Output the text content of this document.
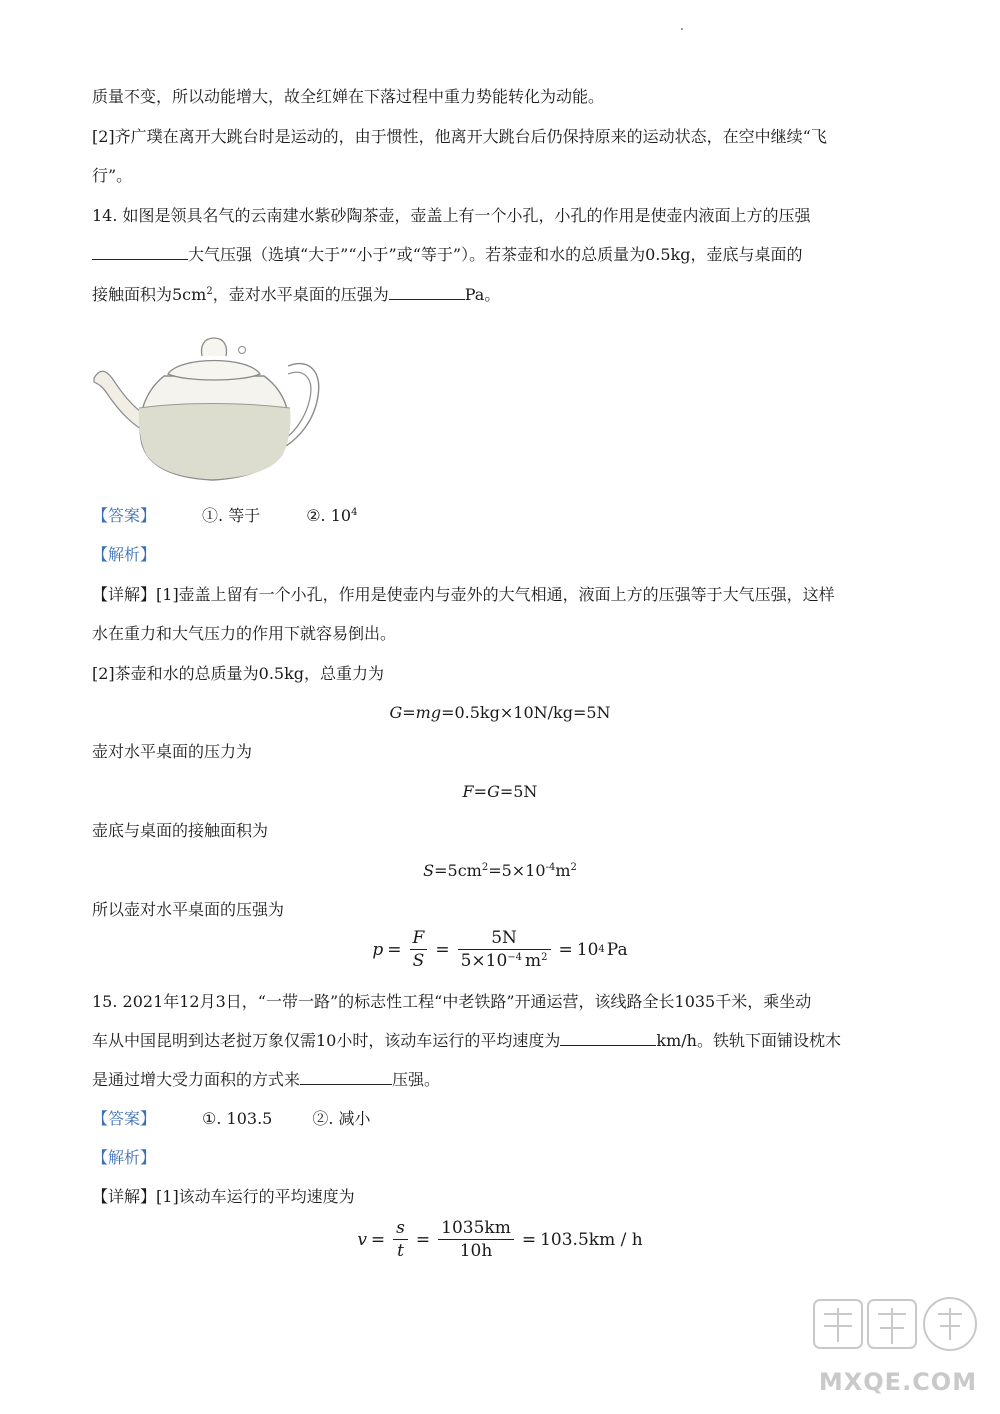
质量不变，所以动能增大，故全红婵在下落过程中重力势能转化为动能。
[2]齐广璞在离开大跳台时是运动的，由于惯性，他离开大跳台后仍保持原来的运动状态，在空中继续“飞
行”。
14. 如图是领具名气的云南建水紫砂陶茶壶，壶盖上有一个小孔，小孔的作用是使壶内液面上方的压强
大气压强（选填“大于”“小于”或“等于”）。若茶壶和水的总质量为0.5kg，壶底与桌面的
接触面积为$5cm^2$，壶对水平桌面的压强为	Pa。
【答案】	①. 等于	②. $10^4$
【解析】
【详解】[1]壶盖上留有一个小孔，作用是使壶内与壶外的大气相通，液面上方的压强等于大气压强，这样
水在重力和大气压力的作用下就容易倒出。
[2]茶壶和水的总质量为0.5kg，总重力为
G=mg=0.5kg×10N/kg=5N
壶对水平桌面的压力为
F=G=5N
壶底与桌面的接触面积为
$S=5cm^2=5\times 10^{-4}m^2$
所以壶对水平桌面的压强为
$p = \frac{F}{S} = \frac{5N}{5\times 10^{-4} m^2} = 10$ 4 Pa
15. 2021年12月3日，“一带一路”的标志性工程“中老铁路”开通运营，该线路全长1035千米，乘坐动
车从中国昆明到达老挝万象仅需10小时，该动车运行的平均速度为	km/h。铁轨下面铺设枕木
是通过增大受力面积的方式来	压强。
【答案】	①. 103.5	②. 减小
【解析】
【详解】[1]该动车运行的平均速度为
$v = \frac{s}{t} = \frac{1035km}{10h} = 103.5km / h$
MXQE.COM
